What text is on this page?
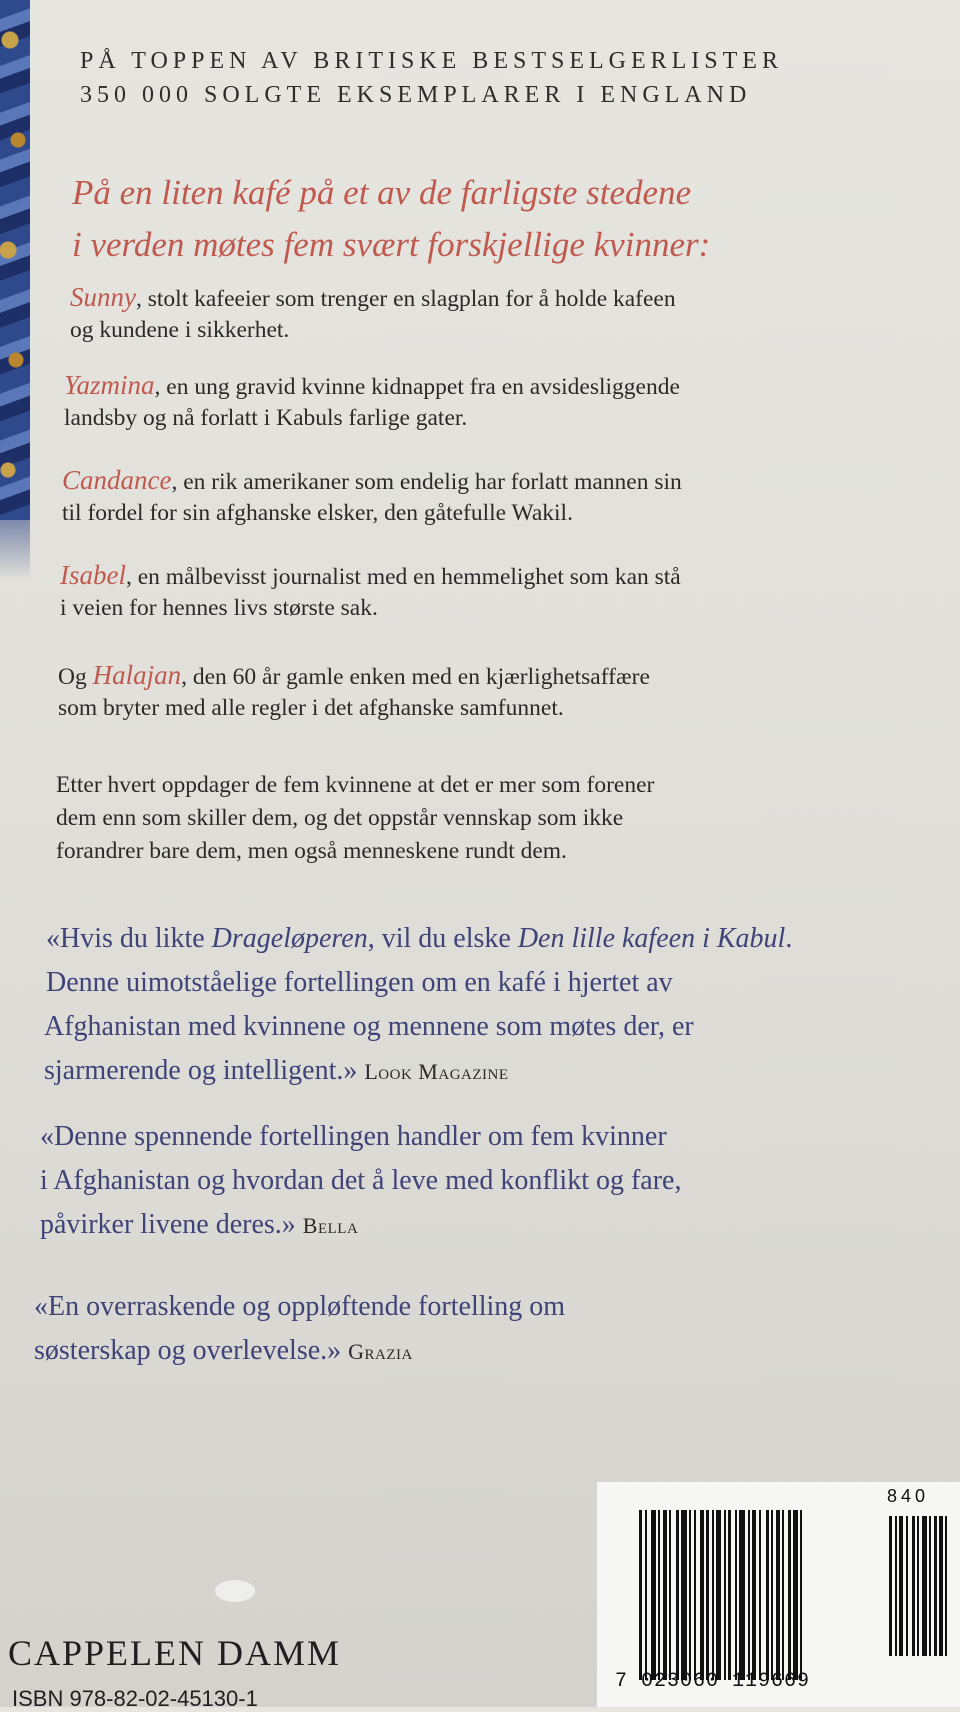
PÅ TOPPEN AV BRITISKE BESTSELGERLISTER
350 000 SOLGTE EKSEMPLARER I ENGLAND

På en liten kafé på et av de farligste stedene

i verden møtes fem svært forskjellige kvinner:

Sunny, stolt kafeeier som trenger en slagplan for å holde kafeen

og kundene i sikkerhet.

Yazmina, en ung gravid kvinne kidnappet fra en avsidesliggende

landsby og nå forlatt i Kabuls farlige gater.

Candance, en rik amerikaner som endelig har forlatt mannen sin

til fordel for sin afghanske elsker, den gåtefulle Wakil.

Isabel, en målbevisst journalist med en hemmelighet som kan stå

i veien for hennes livs største sak.

Og Halajan, den 60 år gamle enken med en kjærlighetsaffære

som bryter med alle regler i det afghanske samfunnet.

Etter hvert oppdager de fem kvinnene at det er mer som forener

dem enn som skiller dem, og det oppstår vennskap som ikke

forandrer bare dem, men også menneskene rundt dem.

«Hvis du likte Drageløperen, vil du elske Den lille kafeen i Kabul.

Denne uimotståelige fortellingen om en kafé i hjertet av

Afghanistan med kvinnene og mennene som møtes der, er

sjarmerende og intelligent.» Look Magazine

«Denne spennende fortellingen handler om fem kvinner

i Afghanistan og hvordan det å leve med konflikt og fare,

påvirker livene deres.» Bella

«En overraskende og oppløftende fortelling om

søsterskap og overlevelse.» Grazia

CAPPELEN DAMM
ISBN 978-82-02-45130-1
7 023060 119669
840
